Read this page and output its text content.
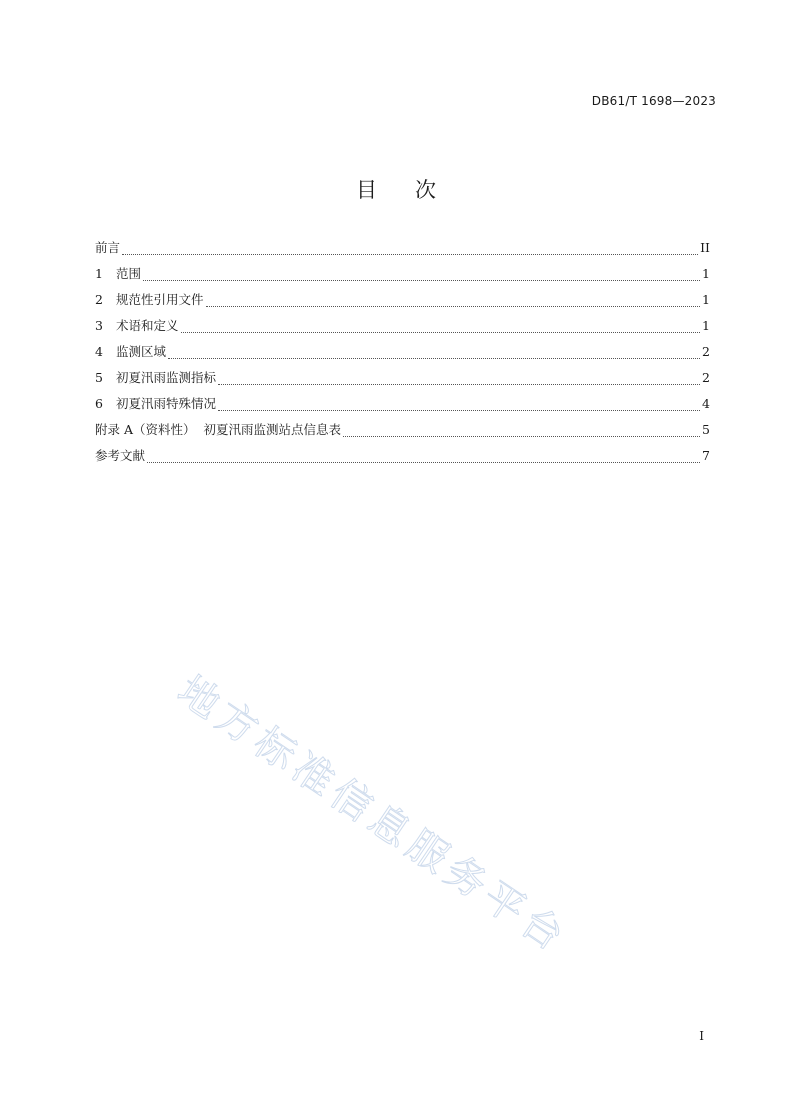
DB61/T 1698—2023
目次
前言	II
1	范围	1
2	规范性引用文件	1
3	术语和定义	1
4	监测区域	2
5	初夏汛雨监测指标	2
6	初夏汛雨特殊情况	4
附录 A（资料性）  初夏汛雨监测站点信息表	5
参考文献	7
地方标准信息服务平台
I
